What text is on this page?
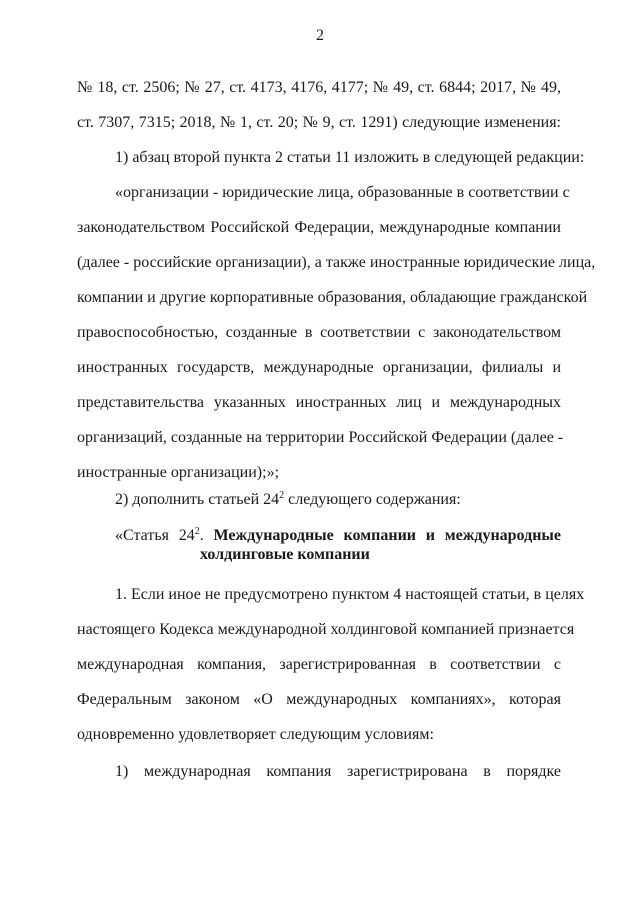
2
№ 18, ст. 2506; № 27, ст. 4173, 4176, 4177; № 49, ст. 6844; 2017, № 49,
ст. 7307, 7315; 2018, № 1, ст. 20; № 9, ст. 1291) следующие изменения:
1) абзац второй пункта 2 статьи 11 изложить в следующей редакции:
«организации - юридические лица, образованные в соответствии с
законодательством Российской Федерации, международные компании
(далее - российские организации), а также иностранные юридические лица,
компании и другие корпоративные образования, обладающие гражданской
правоспособностью, созданные в соответствии с законодательством
иностранных государств, международные организации, филиалы и
представительства указанных иностранных лиц и международных
организаций, созданные на территории Российской Федерации (далее -
иностранные организации);»;
2) дополнить статьей $24^2$ следующего содержания:
«Статья $24^2$. Международные компании и международные
холдинговые компании
1. Если иное не предусмотрено пунктом 4 настоящей статьи, в целях
настоящего Кодекса международной холдинговой компанией признается
международная компания, зарегистрированная в соответствии с
Федеральным законом «О международных компаниях», которая
одновременно удовлетворяет следующим условиям:
1) международная компания зарегистрирована в порядке
